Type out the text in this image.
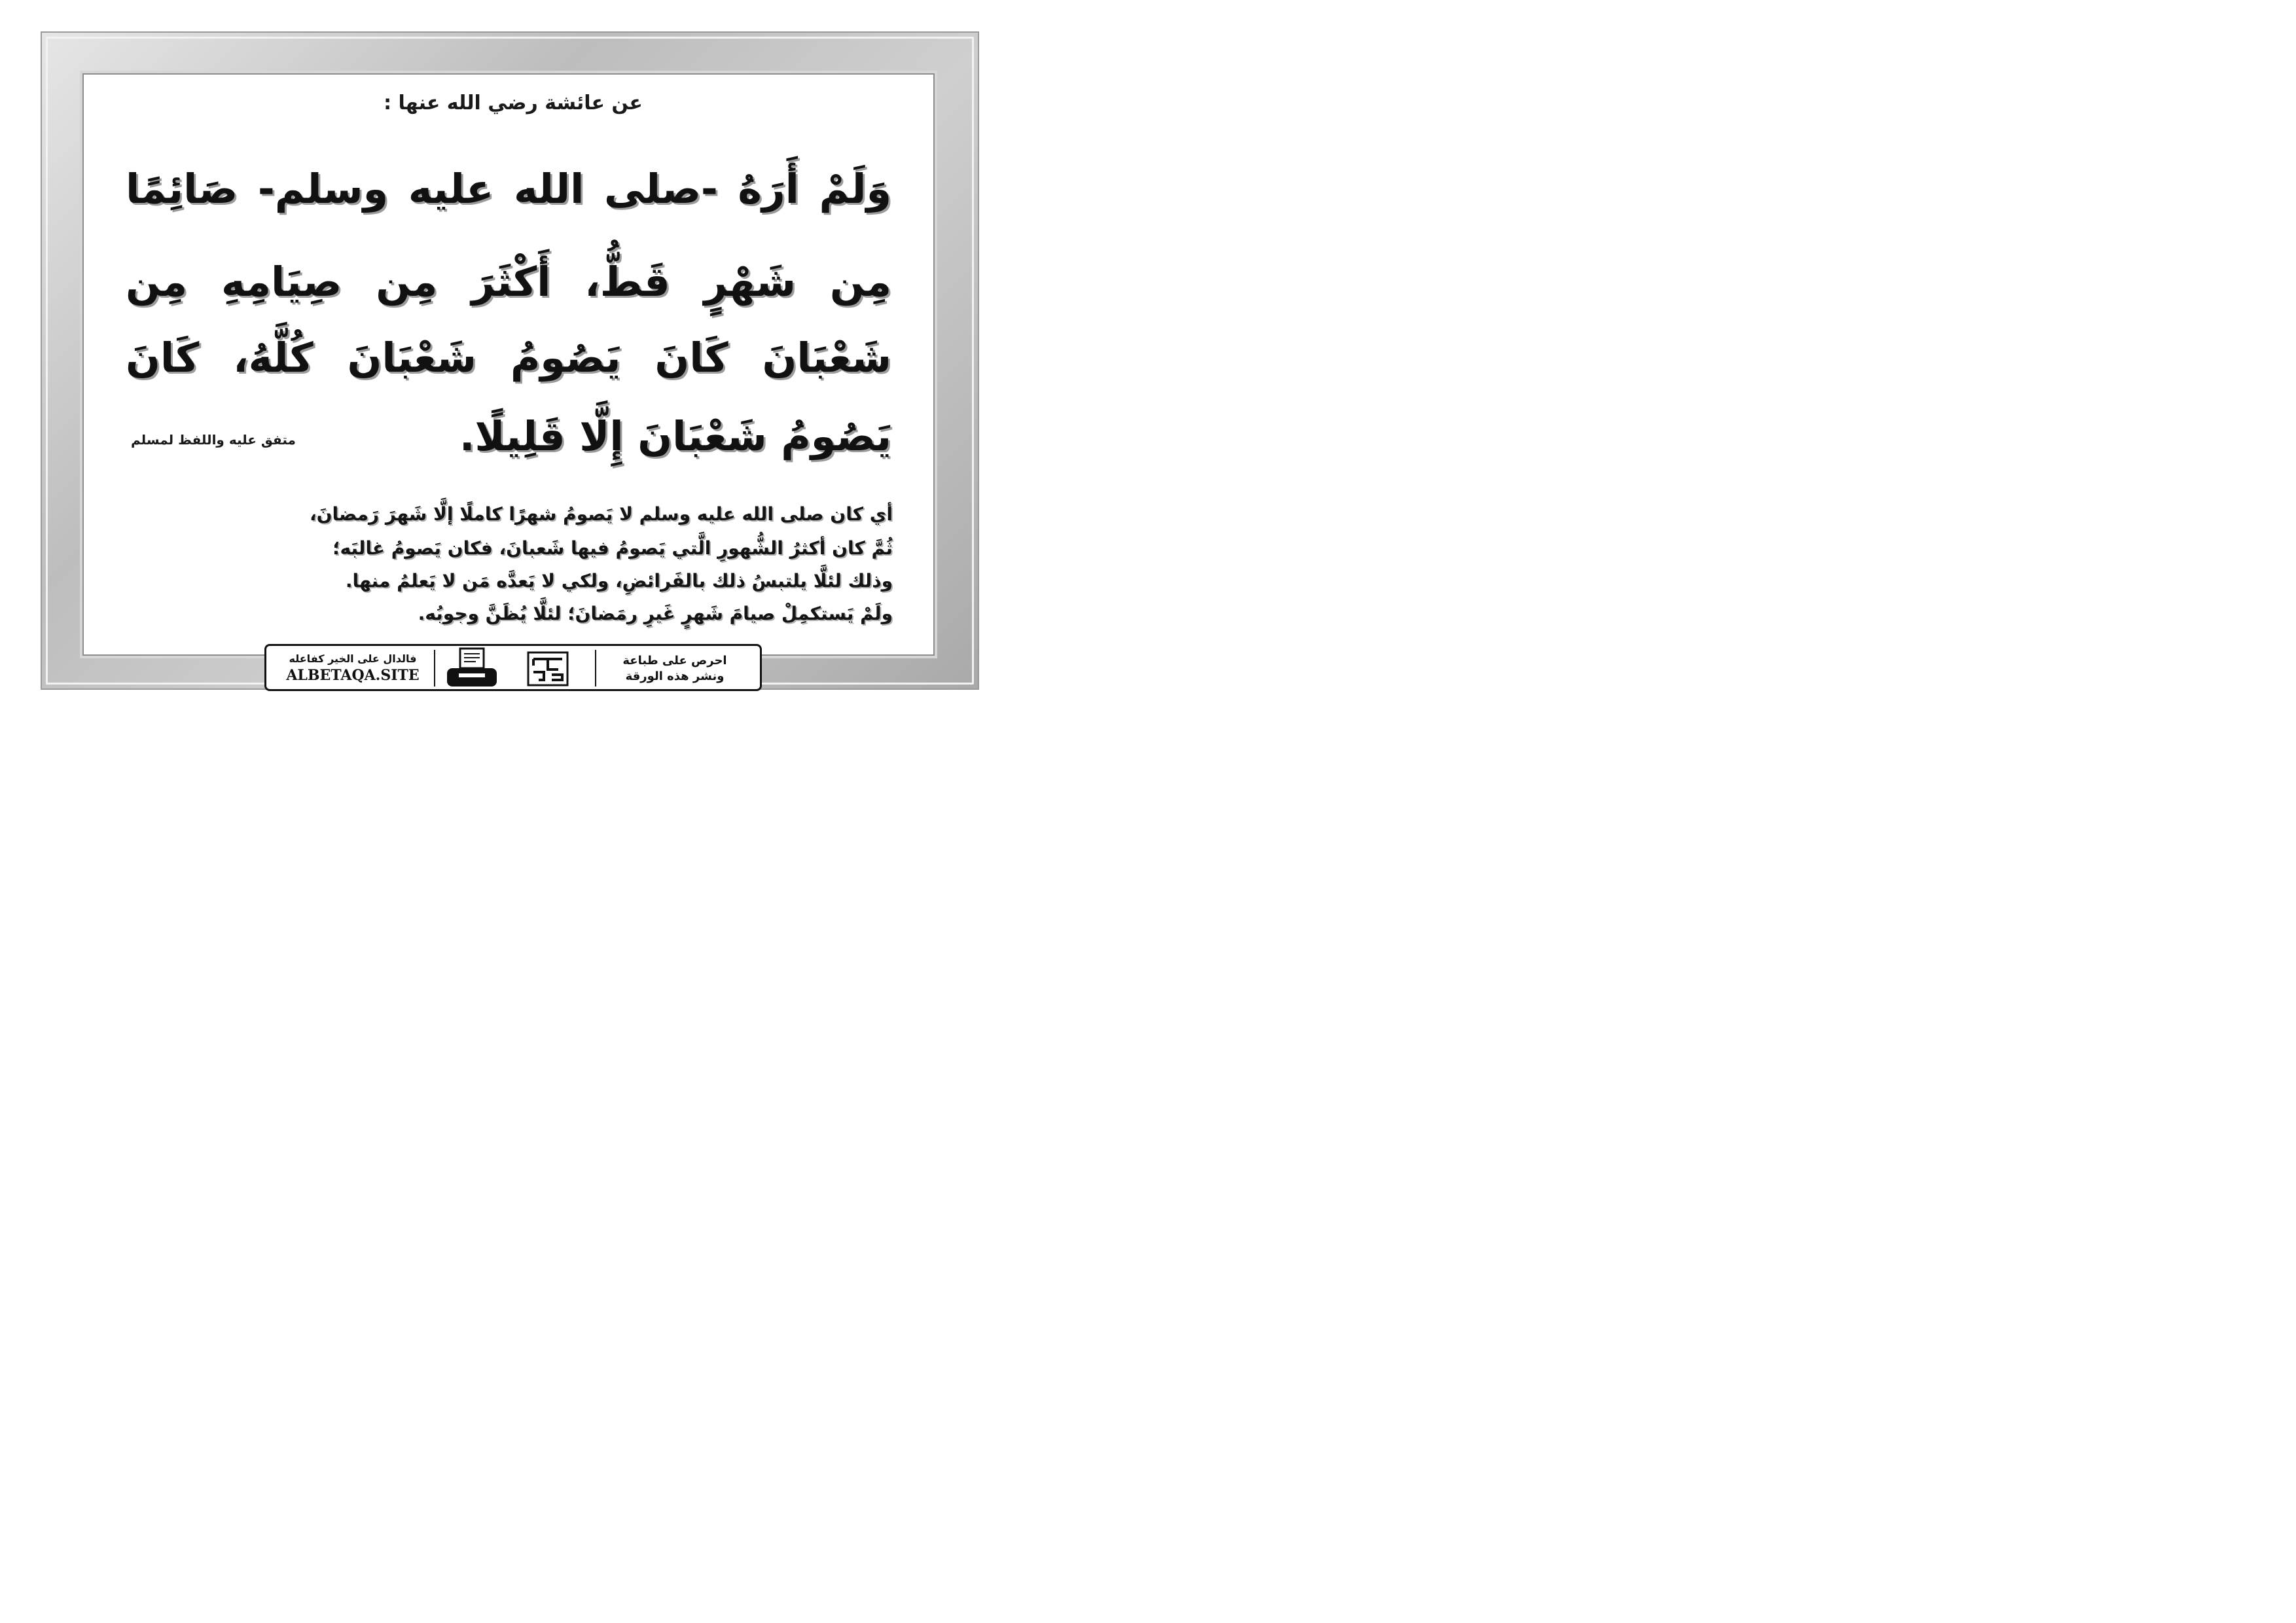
عن عائشة رضي الله عنها :
وَلَمْ أَرَهُ -صلى الله عليه وسلم- صَائِمًا
مِن شَهْرٍ قَطُّ، أَكْثَرَ مِن صِيَامِهِ مِن
شَعْبَانَ كَانَ يَصُومُ شَعْبَانَ كُلَّهُ، كَانَ
يَصُومُ شَعْبَانَ إِلَّا قَلِيلًا.
متفق عليه واللفظ لمسلم
أي كان صلى الله عليه وسلم لا يَصومُ شهرًا كاملًا إلَّا شَهرَ رَمضانَ،
ثُمَّ كان أكثرُ الشُّهورِ الَّتي يَصومُ فيها شَعبانَ، فكان يَصومُ غالبَه؛
وذلك لئلَّا يلتبسُ ذلك بالفَرائضِ، ولكي لا يَعدَّه مَن لا يَعلمُ منها.
ولَمْ يَستكمِلْ صيامَ شَهرٍ غَيرِ رمَضانَ؛ لئلَّا يُظَنَّ وجوبُه.
احرص على طباعة
ونشر هذه الورقة
فالدال على الخير كفاعله
ALBETAQA.SITE
